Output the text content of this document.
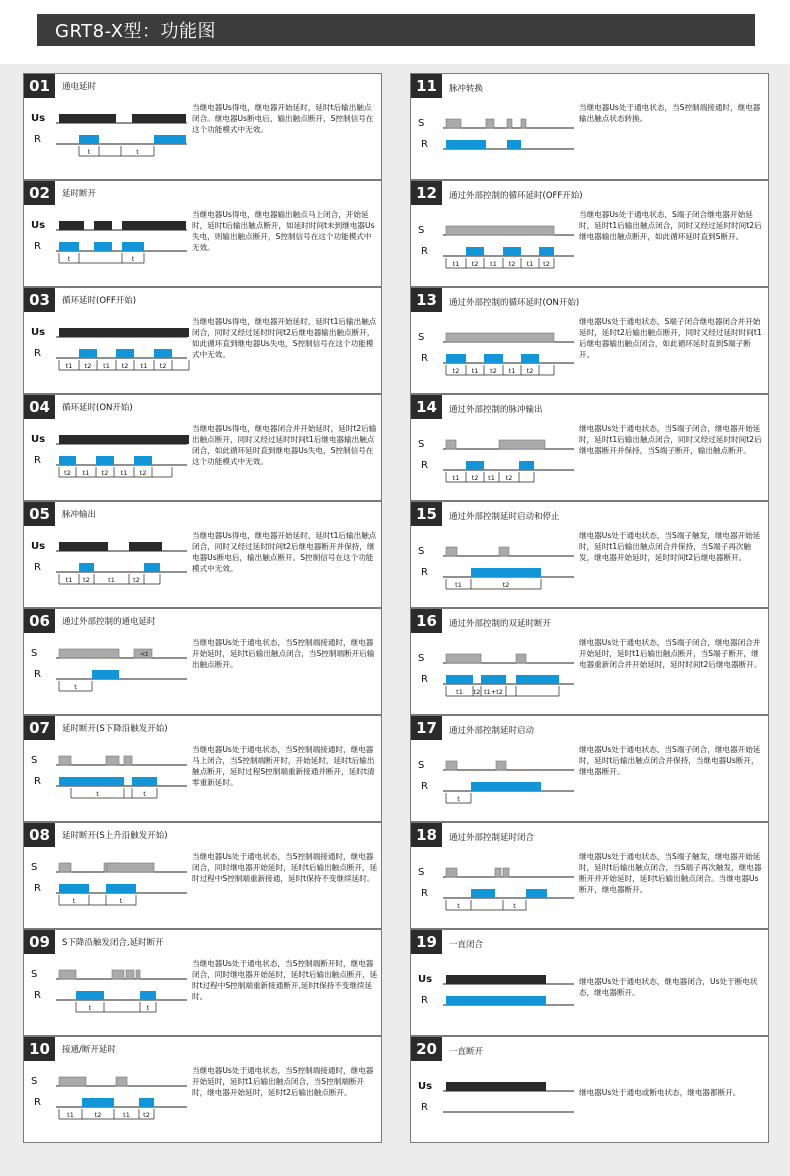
GRT8-X型：功能图
01	通电延时
Us
R
t	t
当继电器Us得电，继电器开始延时，延时t后输出触点闭合。继电器Us断电后，输出触点断开，S控制信号在这个功能模式中无效。
02	延时断开
Us
R
t	t
当继电器Us得电，继电器输出触点马上闭合，开始延时，延时t后输出触点断开，如延时时间t未到继电器Us失电，则输出触点断开，S控制信号在这个功能模式中无效。
03	循环延时(OFF开始)
Us
R
t1 t2 t1 t2 t1 t2
当继电器Us得电，继电器开始延时，延时t1后输出触点闭合，同时又经过延时时间t2后继电器输出触点断开，如此循环直到继电器Us失电，S控制信号在这个功能模式中无效。
04	循环延时(ON开始)
Us
R
t2 t1 t2 t1 t2
当继电器Us得电，继电器闭合并开始延时，延时t2后输出触点断开，同时又经过延时时间t1后继电器输出触点闭合，如此循环延时直到继电器Us失电，S控制信号在这个功能模式中无效。
05	脉冲输出
Us
R
t1 t2	t1	t2
当继电器Us得电，继电器开始延时，延时t1后输出触点闭合，同时又经过延时时间t2后继电器断开并保持，继电器Us断电后，输出触点断开。S控制信号在这个功能模式中无效。
06	通过外部控制的通电延时
S
R
t
<t
当继电器Us处于通电状态，当S控制端接通时，继电器开始延时，延时t后输出触点闭合，当S控制端断开后输出触点断开。
07	延时断开(S下降沿触发开始)
S
R
t	t
当继电器Us处于通电状态，当S控制端接通时，继电器马上闭合，当S控制端断开时，开始延时，延时t后输出触点断开，延时过程S控制端重新接通并断开，延时t清零重新延时。
08	延时断开(S上升沿触发开始)
S
R
t	t
当继电器Us处于通电状态，当S控制端接通时，继电器闭合，同时继电器开始延时，延时t后输出触点断开，延时过程中S控制端重新接通，延时t保持不变继续延时。
09	S下降沿触发闭合,延时断开
S
R
t	t
当继电器Us处于通电状态，当S控制端断开时，继电器闭合，同时继电器开始延时，延时t后输出触点断开，延时t过程中S控制端重新接通断开,延时t保持不变继续延时。
10	接通/断开延时
S
R
t1	t2	t1 t2
当继电器Us处于通电状态，当S控制端接通时，继电器开始延时，延时t1后输出触点闭合，当S控制端断开时，继电器开始延时，延时t2后输出触点断开。
11	脉冲转换
S
R
当继电器Us处于通电状态，当S控制端接通时，继电器输出触点状态转换。
12	通过外部控制的循环延时(OFF开始)
S
R
t1 t2 t1 t2 t1 t2
当继电器Us处于通电状态，S端子闭合继电器开始延时，延时t1后输出触点闭合，同时又经过延时时间t2后继电器输出触点断开，如此循环延时直到S断开。
13	通过外部控制的循环延时(ON开始)
S
R
t2 t1 t2 t1 t2
继电器Us处于通电状态，S端子闭合继电器闭合并开始延时，延时t2后输出触点断开，同时又经过延时时间t1后继电器输出触点闭合，如此循环延时直到S端子断开。
14	通过外部控制的脉冲输出
S
R
t1 t2 t1 t2
继电器Us处于通电状态，当S端子闭合，继电器开始延时，延时t1后输出触点闭合，同时又经过延时时间t2后继电器断开并保持，当S端子断开，输出触点断开。
15	通过外部控制延时启动和停止
S
R
t1	t2
继电器Us处于通电状态，当S端子触发，继电器开始延时，延时t1后输出触点闭合并保持，当S端子再次触发，继电器开始延时，延时时间t2后继电器断开。
16	通过外部控制的双延时断开
S
R
t1 t2 t1+t2
继电器Us处于通电状态，当S端子闭合，继电器闭合并开始延时，延时t1后输出触点断开，当S端子断开，继电器重新闭合并开始延时，延时时间t2后继电器断开。
17	通过外部控制延时启动
S
R
t
继电器Us处于通电状态，当S端子闭合，继电器开始延时，延时t后输出触点闭合并保持，当继电器Us断开，继电器断开。
18	通过外部控制延时闭合
S
R
t	t
继电器Us处于通电状态，当S端子触发，继电器开始延时，延时t后输出触点闭合，当S端子再次触发，继电器断开并开始延时，延时t后输出触点闭合。当继电器Us断开，继电器断开。
19	一直闭合
Us
R
继电器Us处于通电状态，继电器闭合，Us处于断电状态，继电器断开。
20	一直断开
Us
R
继电器Us处于通电或断电状态，继电器都断开。
